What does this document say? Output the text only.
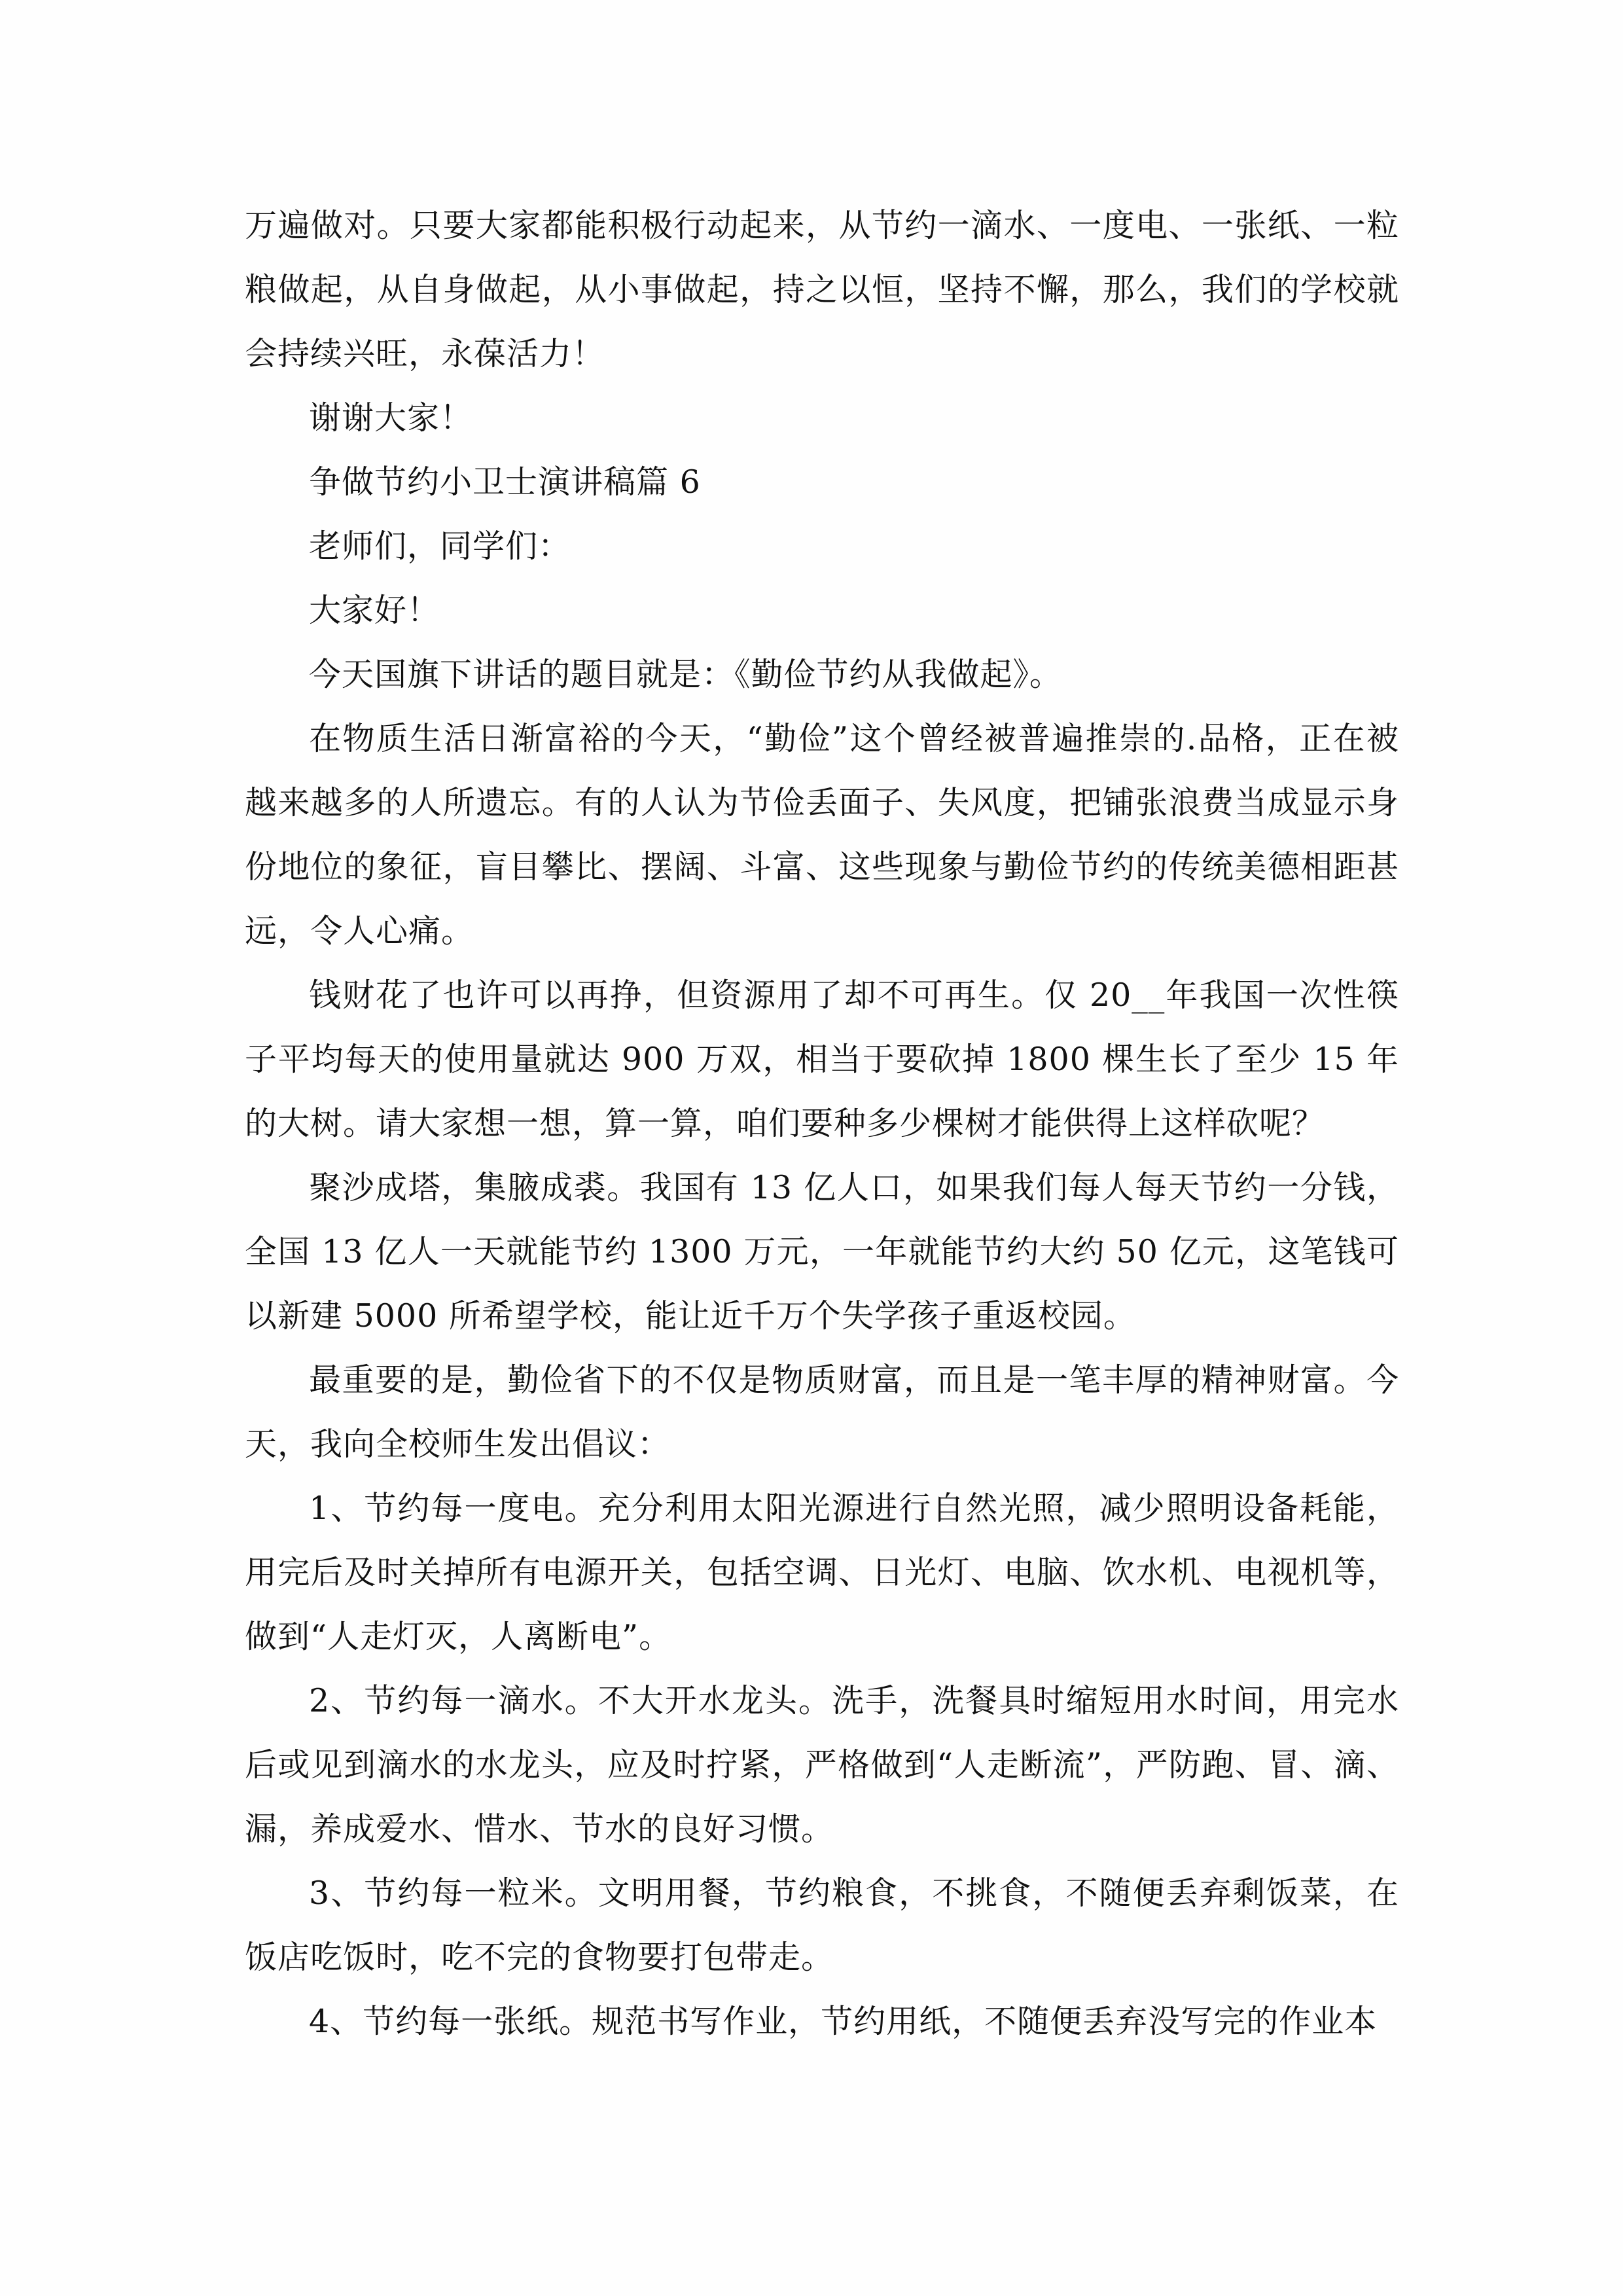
万遍做对。只要大家都能积极行动起来，从节约一滴水、一度电、一张纸、一粒粮做起，从自身做起，从小事做起，持之以恒，坚持不懈，那么，我们的学校就会持续兴旺，永葆活力！

谢谢大家！

争做节约小卫士演讲稿篇 6

老师们，同学们：

大家好！

今天国旗下讲话的题目就是：《勤俭节约从我做起》。

在物质生活日渐富裕的今天，“勤俭”这个曾经被普遍推崇的.品格，正在被越来越多的人所遗忘。有的人认为节俭丢面子、失风度，把铺张浪费当成显示身份地位的象征，盲目攀比、摆阔、斗富、这些现象与勤俭节约的传统美德相距甚远，令人心痛。

钱财花了也许可以再挣，但资源用了却不可再生。仅 20__年我国一次性筷子平均每天的使用量就达 900 万双，相当于要砍掉 1800 棵生长了至少 15 年的大树。请大家想一想，算一算，咱们要种多少棵树才能供得上这样砍呢？

聚沙成塔，集腋成裘。我国有 13 亿人口，如果我们每人每天节约一分钱，全国 13 亿人一天就能节约 1300 万元，一年就能节约大约 50 亿元，这笔钱可以新建 5000 所希望学校，能让近千万个失学孩子重返校园。

最重要的是，勤俭省下的不仅是物质财富，而且是一笔丰厚的精神财富。今天，我向全校师生发出倡议：

1、节约每一度电。充分利用太阳光源进行自然光照，减少照明设备耗能，用完后及时关掉所有电源开关，包括空调、日光灯、电脑、饮水机、电视机等，做到“人走灯灭，人离断电”。

2、节约每一滴水。不大开水龙头。洗手，洗餐具时缩短用水时间，用完水后或见到滴水的水龙头，应及时拧紧，严格做到“人走断流”，严防跑、冒、滴、漏，养成爱水、惜水、节水的良好习惯。

3、节约每一粒米。文明用餐，节约粮食，不挑食，不随便丢弃剩饭菜，在饭店吃饭时，吃不完的食物要打包带走。

4、节约每一张纸。规范书写作业，节约用纸，不随便丢弃没写完的作业本
